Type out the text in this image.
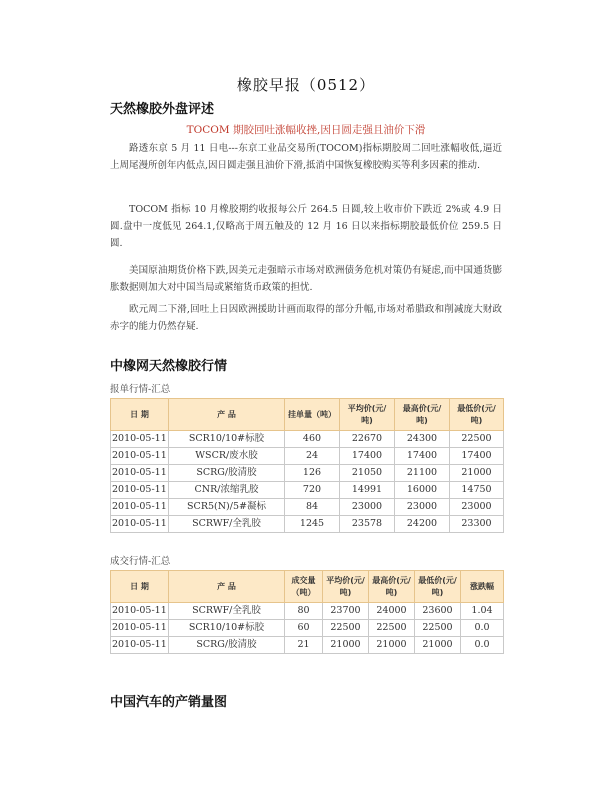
橡胶早报（0512）
天然橡胶外盘评述
TOCOM 期胶回吐涨幅收挫,因日圆走强且油价下滑

路透东京 5 月 11 日电---东京工业品交易所(TOCOM)指标期胶周二回吐涨幅收低,逼近上周尾漫所创年内低点,因日圆走强且油价下滑,抵消中国恢复橡胶购买等利多因素的推动.

TOCOM 指标 10 月橡胶期约收报每公斤 264.5 日圆,较上收市价下跌近 2%或 4.9 日圆.盘中一度低见 264.1,仅略高于周五触及的 12 月 16 日以来指标期胶最低价位 259.5 日圆.

美国原油期货价格下跌,因美元走强暗示市场对欧洲债务危机对策仍有疑虑,而中国通货膨胀数据则加大对中国当局或紧缩货币政策的担忧.

欧元周二下滑,回吐上日因欧洲援助计画而取得的部分升幅,市场对希腊政和削减庞大财政赤字的能力仍然存疑.

中橡网天然橡胶行情
报单行情-汇总
日 期	产 品	挂单量（吨）	平均价(元/吨)	最高价(元/吨)	最低价(元/吨)
2010-05-11	SCR10/10#标胶	460	22670	24300	22500
2010-05-11	WSCR/废水胶	24	17400	17400	17400
2010-05-11	SCRG/胶清胶	126	21050	21100	21000
2010-05-11	CNR/浓缩乳胶	720	14991	16000	14750
2010-05-11	SCR5(N)/5#凝标	84	23000	23000	23000
2010-05-11	SCRWF/全乳胶	1245	23578	24200	23300
成交行情-汇总
日 期	产 品	成交量（吨）	平均价(元/吨)	最高价(元/吨)	最低价(元/吨)	涨跌幅
2010-05-11	SCRWF/全乳胶	80	23700	24000	23600	1.04
2010-05-11	SCR10/10#标胶	60	22500	22500	22500	0.0
2010-05-11	SCRG/胶清胶	21	21000	21000	21000	0.0
中国汽车的产销量图
